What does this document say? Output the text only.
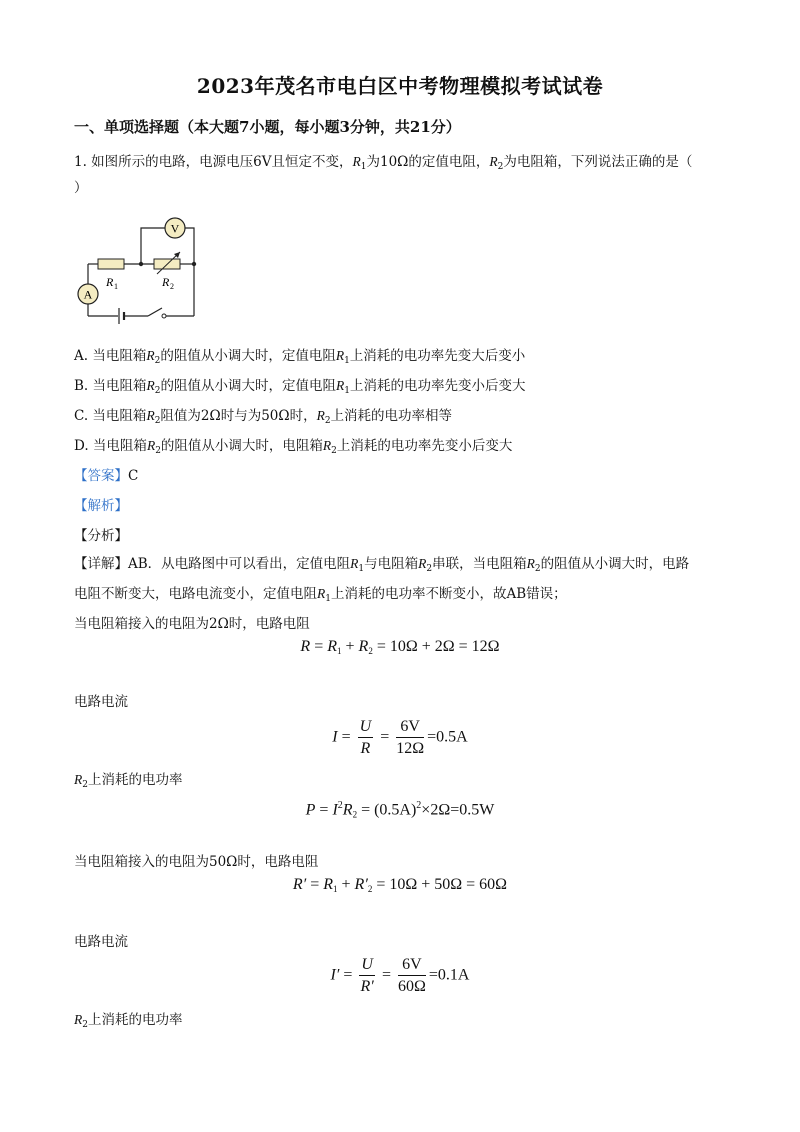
2023年茂名市电白区中考物理模拟考试试卷
一、单项选择题（本大题7小题，每小题3分钟，共21分）
1. 如图所示的电路，电源电压6V且恒定不变，$R_1$为10Ω的定值电阻，$R_2$为电阻箱，下列说法正确的是（
）
V
A
R 1	R 2
A. 当电阻箱$R_2$的阻值从小调大时，定值电阻$R_1$上消耗的电功率先变大后变小
B. 当电阻箱$R_2$的阻值从小调大时，定值电阻$R_1$上消耗的电功率先变小后变大
C. 当电阻箱$R_2$阻值为2Ω时与为50Ω时，$R_2$上消耗的电功率相等
D. 当电阻箱$R_2$的阻值从小调大时，电阻箱$R_2$上消耗的电功率先变小后变大
【答案】C
【解析】
【分析】
【详解】AB．从电路图中可以看出，定值电阻$R_1$与电阻箱$R_2$串联，当电阻箱$R_2$的阻值从小调大时，电路
电阻不断变大，电路电流变小，定值电阻$R_1$上消耗的电功率不断变小，故AB错误；
当电阻箱接入的电阻为2Ω时，电路电阻
$R = R_1 + R_2 = 10\Omega + 2\Omega = 12\Omega$
电路电流
$I = \frac{U}{R} = \frac{6V}{12\Omega} =0.5A$
$R_2$上消耗的电功率
$P = I^2R_2 = (0.5A)^2\times 2\Omega=0.5W$
当电阻箱接入的电阻为50Ω时，电路电阻
$R' = R_1 + R'_2 = 10\Omega + 50\Omega = 60\Omega$
电路电流
$I' = \frac{U}{R'} = \frac{6V}{60\Omega} =0.1A$
$R_2$上消耗的电功率
